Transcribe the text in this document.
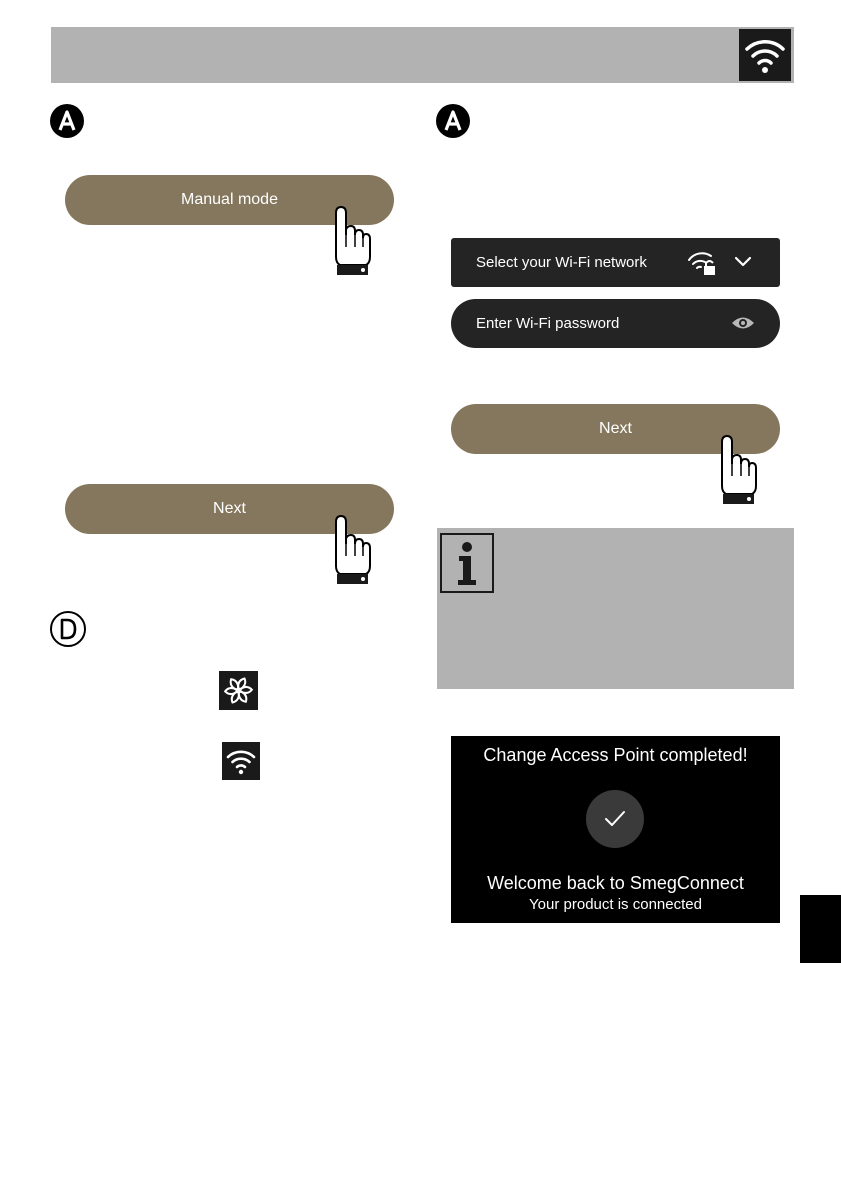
Manual mode
Next
Select your Wi-Fi network
Enter Wi-Fi password
Next
Change Access Point completed!
Welcome back to SmegConnect
Your product is connected
